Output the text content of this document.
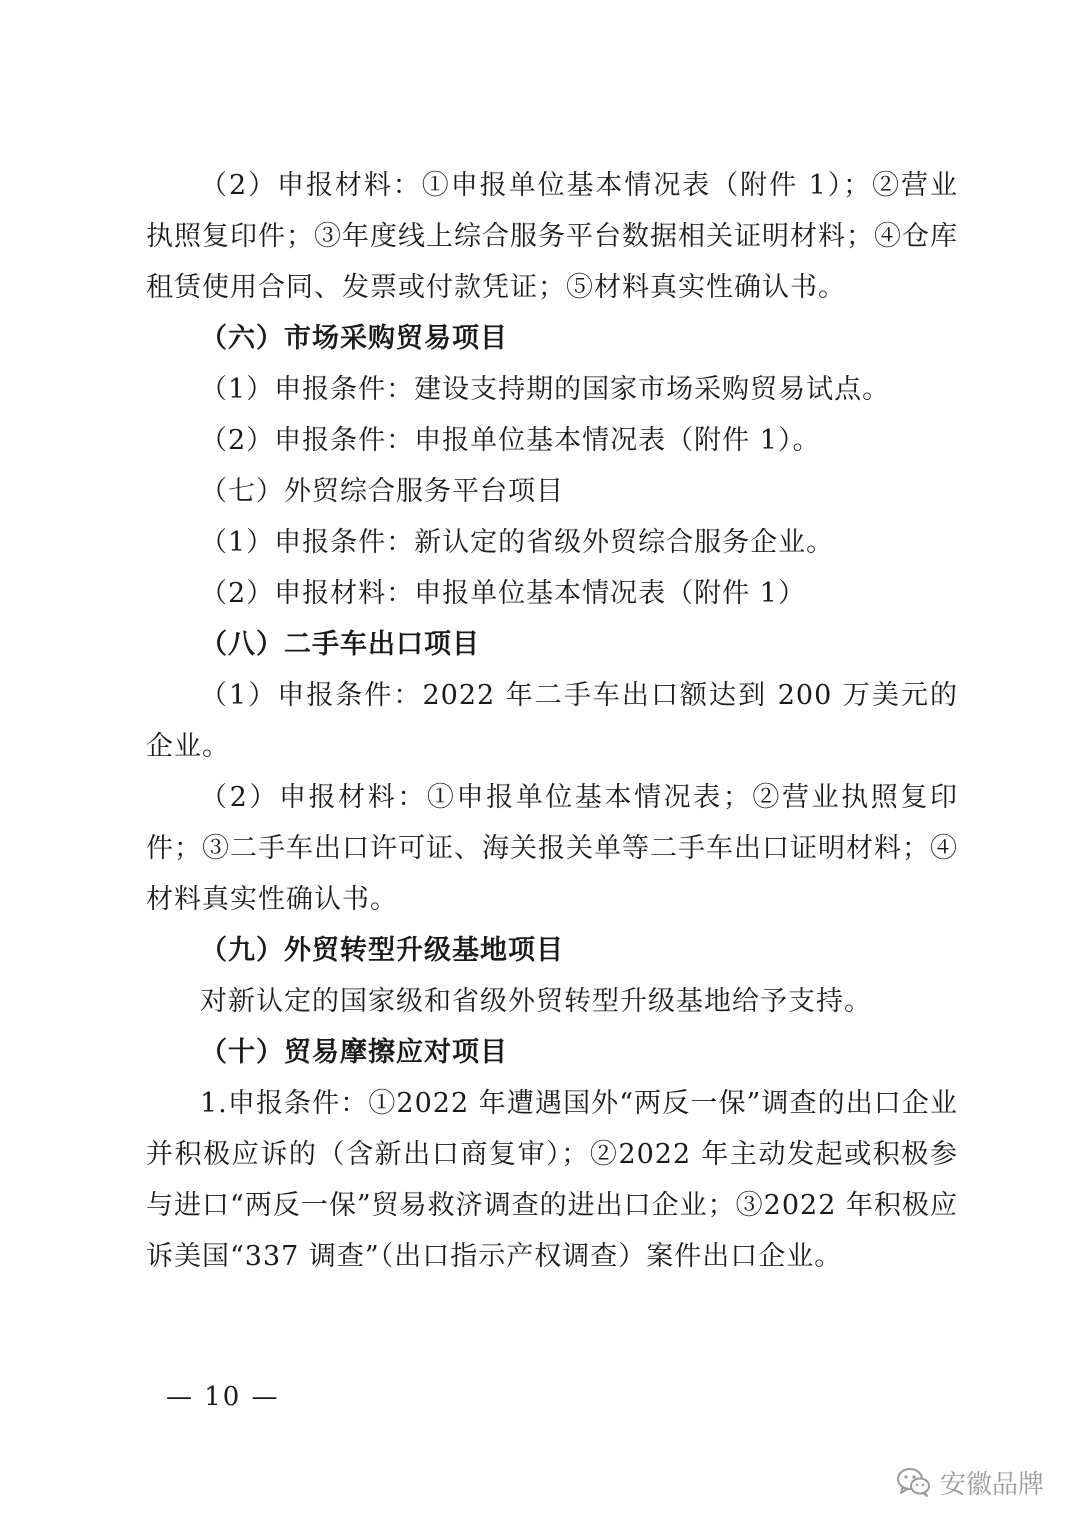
（2）申报材料：①申报单位基本情况表（附件 1）；②营业执照复印件；③年度线上综合服务平台数据相关证明材料；④仓库租赁使用合同、发票或付款凭证；⑤材料真实性确认书。

（六）市场采购贸易项目

（1）申报条件：建设支持期的国家市场采购贸易试点。

（2）申报条件：申报单位基本情况表（附件 1）。

（七）外贸综合服务平台项目

（1）申报条件：新认定的省级外贸综合服务企业。

（2）申报材料：申报单位基本情况表（附件 1）

（八）二手车出口项目

（1）申报条件：2022 年二手车出口额达到 200 万美元的企业。

（2）申报材料：①申报单位基本情况表；②营业执照复印件；③二手车出口许可证、海关报关单等二手车出口证明材料；④材料真实性确认书。

（九）外贸转型升级基地项目

对新认定的国家级和省级外贸转型升级基地给予支持。

（十）贸易摩擦应对项目

1.申报条件：①2022 年遭遇国外“两反一保”调查的出口企业并积极应诉的（含新出口商复审）；②2022 年主动发起或积极参与进口“两反一保”贸易救济调查的进出口企业；③2022 年积极应诉美国“337 调查”（出口指示产权调查）案件出口企业。

— 10 —
安徽品牌
